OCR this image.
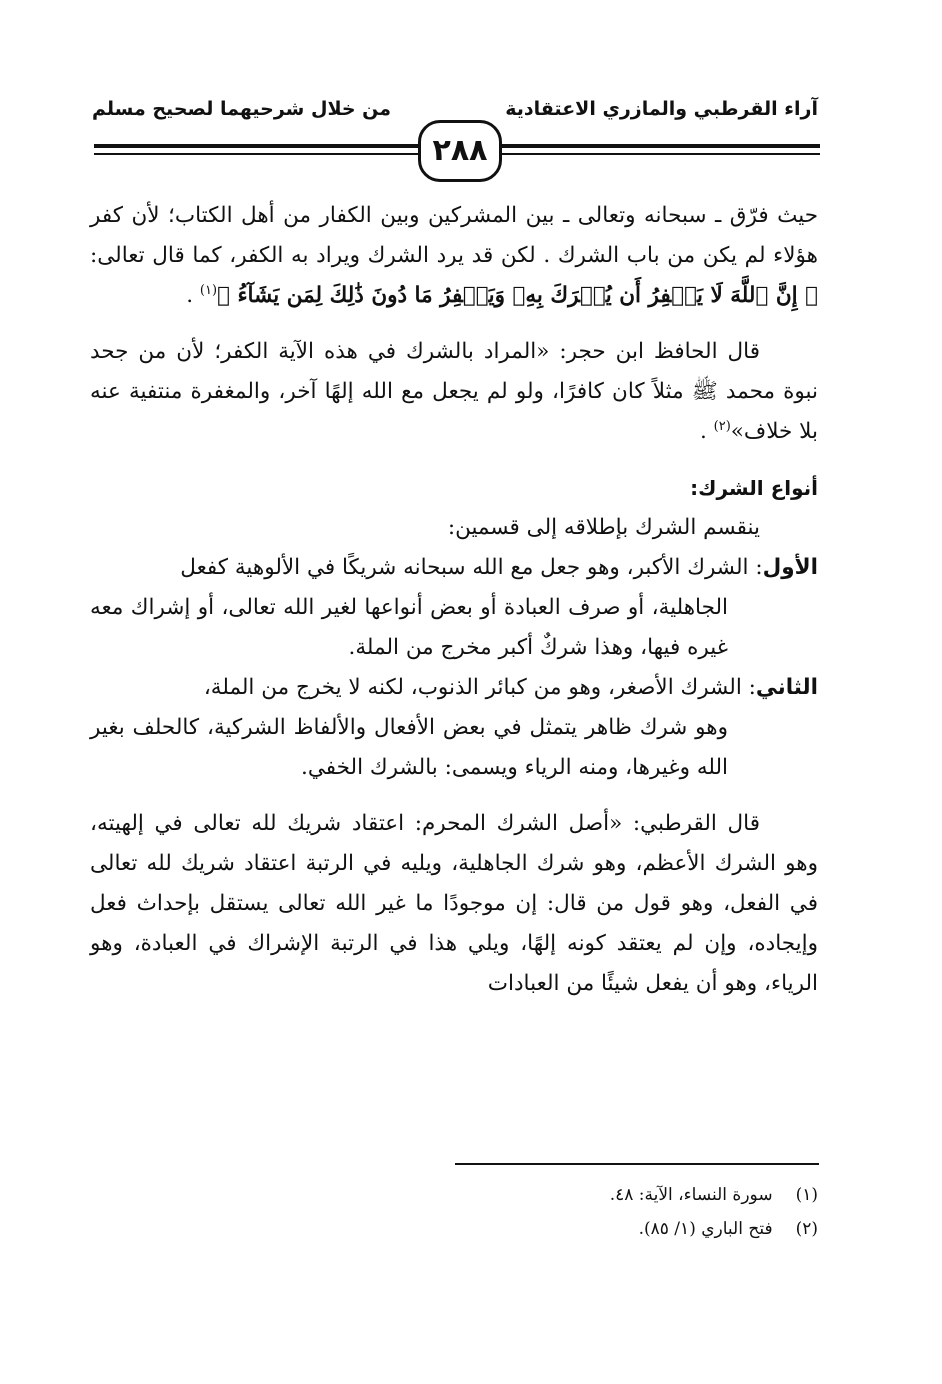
آراء القرطبي والمازري الاعتقادية
من خلال شرحيهما لصحيح مسلم
٢٨٨

حيث فرّق ـ سبحانه وتعالى ـ بين المشركين وبين الكفار من أهل الكتاب؛ لأن كفر هؤلاء لم يكن من باب الشرك . لكن قد يرد الشرك ويراد به الكفر، كما قال تعالى: ﴿ إِنَّ ٱللَّهَ لَا يَغۡفِرُ أَن يُشۡرَكَ بِهِۦ وَيَغۡفِرُ مَا دُونَ ذَٰلِكَ لِمَن يَشَآءُ ﴾$^{(١)}$ .

قال الحافظ ابن حجر: «المراد بالشرك في هذه الآية الكفر؛ لأن من جحد نبوة محمد ﷺ مثلاً كان كافرًا، ولو لم يجعل مع الله إلهًا آخر، والمغفرة منتفية عنه بلا خلاف»$^{(٢)}$ .

أنواع الشرك:

ينقسم الشرك بإطلاقه إلى قسمين:

الأول: الشرك الأكبر، وهو جعل مع الله سبحانه شريكًا في الألوهية كفعل

الجاهلية، أو صرف العبادة أو بعض أنواعها لغير الله تعالى، أو إشراك معه غيره فيها، وهذا شركٌ أكبر مخرج من الملة.

الثاني: الشرك الأصغر، وهو من كبائر الذنوب، لكنه لا يخرج من الملة،

وهو شرك ظاهر يتمثل في بعض الأفعال والألفاظ الشركية، كالحلف بغير الله وغيرها، ومنه الرياء ويسمى: بالشرك الخفي.

قال القرطبي: «أصل الشرك المحرم: اعتقاد شريك لله تعالى في إلهيته، وهو الشرك الأعظم، وهو شرك الجاهلية، ويليه في الرتبة اعتقاد شريك لله تعالى في الفعل، وهو قول من قال: إن موجودًا ما غير الله تعالى يستقل بإحداث فعل وإيجاده، وإن لم يعتقد كونه إلهًا، ويلي هذا في الرتبة الإشراك في العبادة، وهو الرياء، وهو أن يفعل شيئًا من العبادات

(١) سورة النساء، الآية: ٤٨.
(٢) فتح الباري (١/ ٨٥).
